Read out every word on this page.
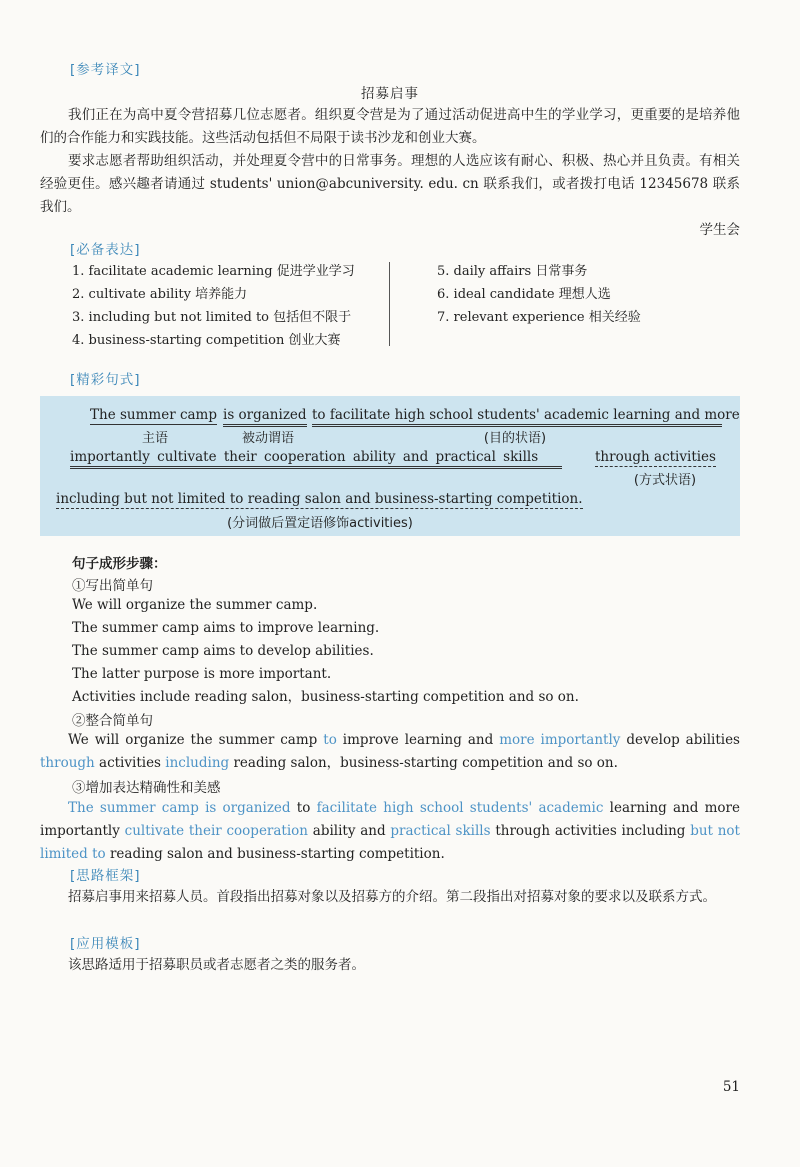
[参考译文]
招募启事
我们正在为高中夏令营招募几位志愿者。组织夏令营是为了通过活动促进高中生的学业学习，更重要的是培养他们的合作能力和实践技能。这些活动包括但不局限于读书沙龙和创业大赛。
要求志愿者帮助组织活动，并处理夏令营中的日常事务。理想的人选应该有耐心、积极、热心并且负责。有相关经验更佳。感兴趣者请通过 students' union@abcuniversity. edu. cn 联系我们，或者拨打电话 12345678 联系我们。
学生会
[必备表达]
1. facilitate academic learning 促进学业学习
2. cultivate ability 培养能力
3. including but not limited to 包括但不限于
4. business-starting competition 创业大赛
5. daily affairs 日常事务
6. ideal candidate 理想人选
7. relevant experience 相关经验
[精彩句式]
The summer camp is organized to facilitate high school students' academic learning and more
主语	被动谓语	(目的状语)
importantly cultivate their cooperation ability and practical skills	through activities
(方式状语)
including but not limited to reading salon and business-starting competition.
(分词做后置定语修饰activities)
句子成形步骤：
①写出简单句
We will organize the summer camp.
The summer camp aims to improve learning.
The summer camp aims to develop abilities.
The latter purpose is more important.
Activities include reading salon，business-starting competition and so on.
②整合简单句
We will organize the summer camp to improve learning and more importantly develop abilities through activities including reading salon，business-starting competition and so on.
③增加表达精确性和美感
The summer camp is organized to facilitate high school students' academic learning and more importantly cultivate their cooperation ability and practical skills through activities including but not limited to reading salon and business-starting competition.
[思路框架]
招募启事用来招募人员。首段指出招募对象以及招募方的介绍。第二段指出对招募对象的要求以及联系方式。
[应用模板]
该思路适用于招募职员或者志愿者之类的服务者。
51
